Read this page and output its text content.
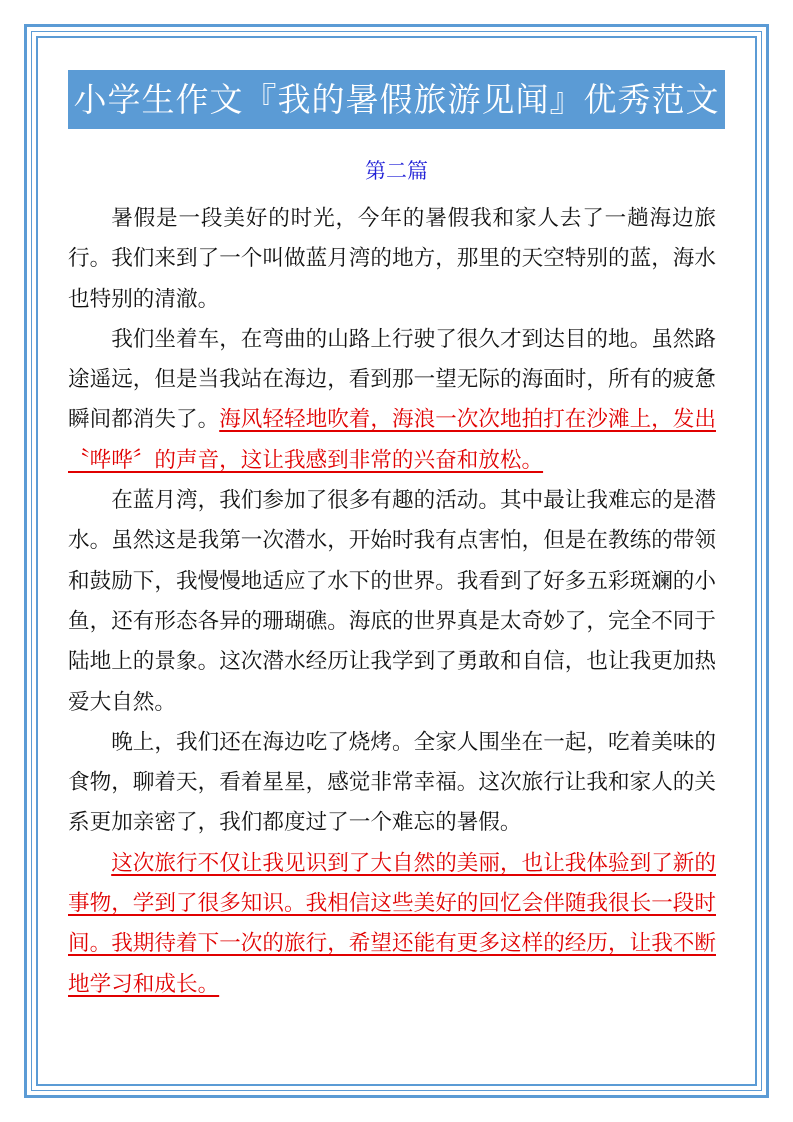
小学生作文『我的暑假旅游见闻』优秀范文
第二篇

暑假是一段美好的时光，今年的暑假我和家人去了一趟海边旅行。我们来到了一个叫做蓝月湾的地方，那里的天空特别的蓝，海水也特别的清澈。

我们坐着车，在弯曲的山路上行驶了很久才到达目的地。虽然路途遥远，但是当我站在海边，看到那一望无际的海面时，所有的疲惫瞬间都消失了。海风轻轻地吹着，海浪一次次地拍打在沙滩上，发出〝哗哗〞的声音，这让我感到非常的兴奋和放松。

在蓝月湾，我们参加了很多有趣的活动。其中最让我难忘的是潜水。虽然这是我第一次潜水，开始时我有点害怕，但是在教练的带领和鼓励下，我慢慢地适应了水下的世界。我看到了好多五彩斑斓的小鱼，还有形态各异的珊瑚礁。海底的世界真是太奇妙了，完全不同于陆地上的景象。这次潜水经历让我学到了勇敢和自信，也让我更加热爱大自然。

晚上，我们还在海边吃了烧烤。全家人围坐在一起，吃着美味的食物，聊着天，看着星星，感觉非常幸福。这次旅行让我和家人的关系更加亲密了，我们都度过了一个难忘的暑假。

这次旅行不仅让我见识到了大自然的美丽，也让我体验到了新的事物，学到了很多知识。我相信这些美好的回忆会伴随我很长一段时间。我期待着下一次的旅行，希望还能有更多这样的经历，让我不断地学习和成长。
